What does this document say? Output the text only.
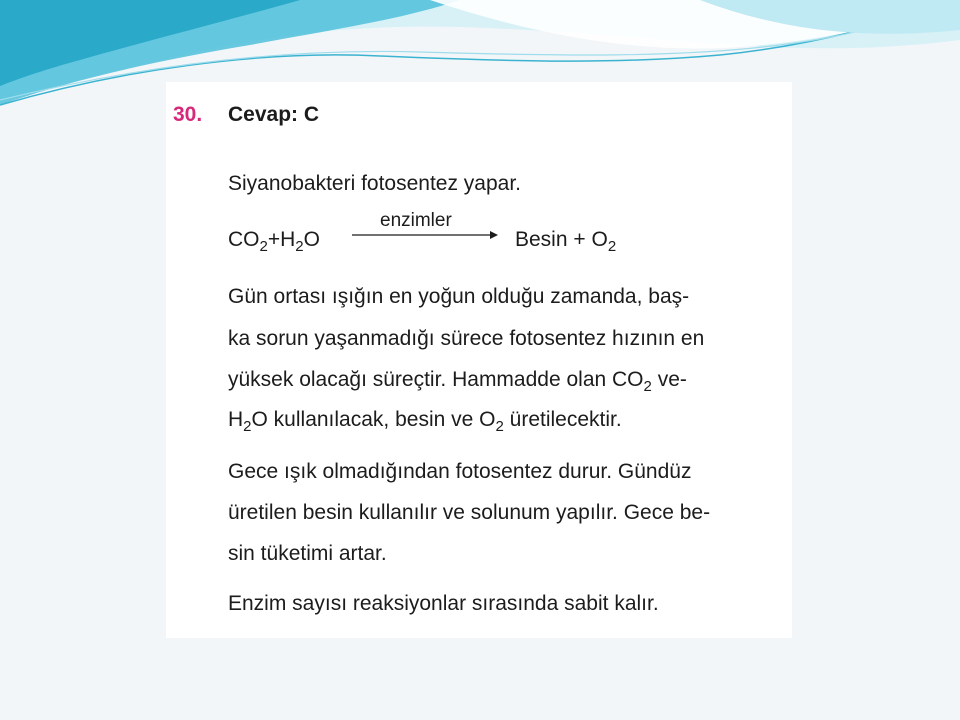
30. Cevap: C
Siyanobakteri fotosentez yapar.
$CO_2+H_2O$
enzimler
$Besin + O_2$
Gün ortası ışığın en yoğun olduğu zamanda, baş-
ka sorun yaşanmadığı sürece fotosentez hızının en
yüksek olacağı süreçtir. Hammadde olan $CO_2$ ve-
$H_2O$ kullanılacak, besin ve $O_2$ üretilecektir.
Gece ışık olmadığından fotosentez durur. Gündüz
üretilen besin kullanılır ve solunum yapılır. Gece be-
sin tüketimi artar.
Enzim sayısı reaksiyonlar sırasında sabit kalır.
